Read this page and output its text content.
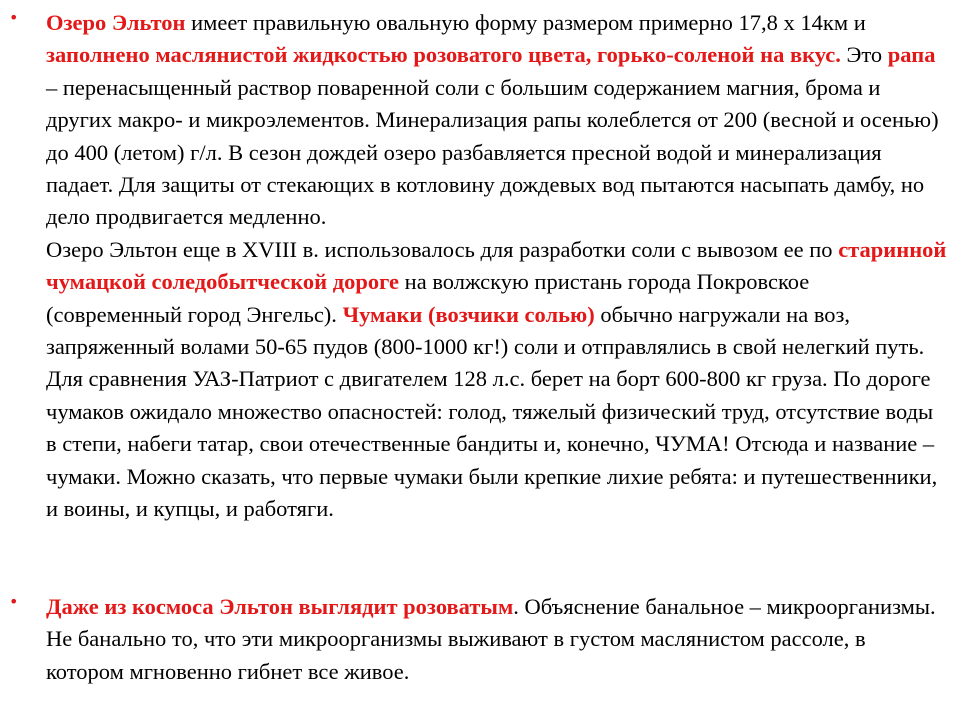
• Озеро Эльтон имеет правильную овальную форму размером примерно 17,8 х 14км и заполнено маслянистой жидкостью розоватого цвета, горько-соленой на вкус. Это рапа – перенасыщенный раствор поваренной соли с большим содержанием магния, брома и других макро- и микроэлементов. Минерализация рапы колеблется от 200 (весной и осенью) до 400 (летом) г/л. В сезон дождей озеро разбавляется пресной водой и минерализация падает. Для защиты от стекающих в котловину дождевых вод пытаются насыпать дамбу, но дело продвигается медленно.
Озеро Эльтон еще в XVIII в. использовалось для разработки соли с вывозом ее по старинной чумацкой соледобытческой дороге на волжскую пристань города Покровское (современный город Энгельс). Чумаки (возчики солью) обычно нагружали на воз, запряженный волами 50-65 пудов (800-1000 кг!) соли и отправлялись в свой нелегкий путь. Для сравнения УАЗ-Патриот с двигателем 128 л.с. берет на борт 600-800 кг груза. По дороге чумаков ожидало множество опасностей: голод, тяжелый физический труд, отсутствие воды в степи, набеги татар, свои отечественные бандиты и, конечно, ЧУМА! Отсюда и название – чумаки. Можно сказать, что первые чумаки были крепкие лихие ребята: и путешественники, и воины, и купцы, и работяги.
• Даже из космоса Эльтон выглядит розоватым. Объяснение банальное – микроорганизмы. Не банально то, что эти микроорганизмы выживают в густом маслянистом рассоле, в котором мгновенно гибнет все живое.
